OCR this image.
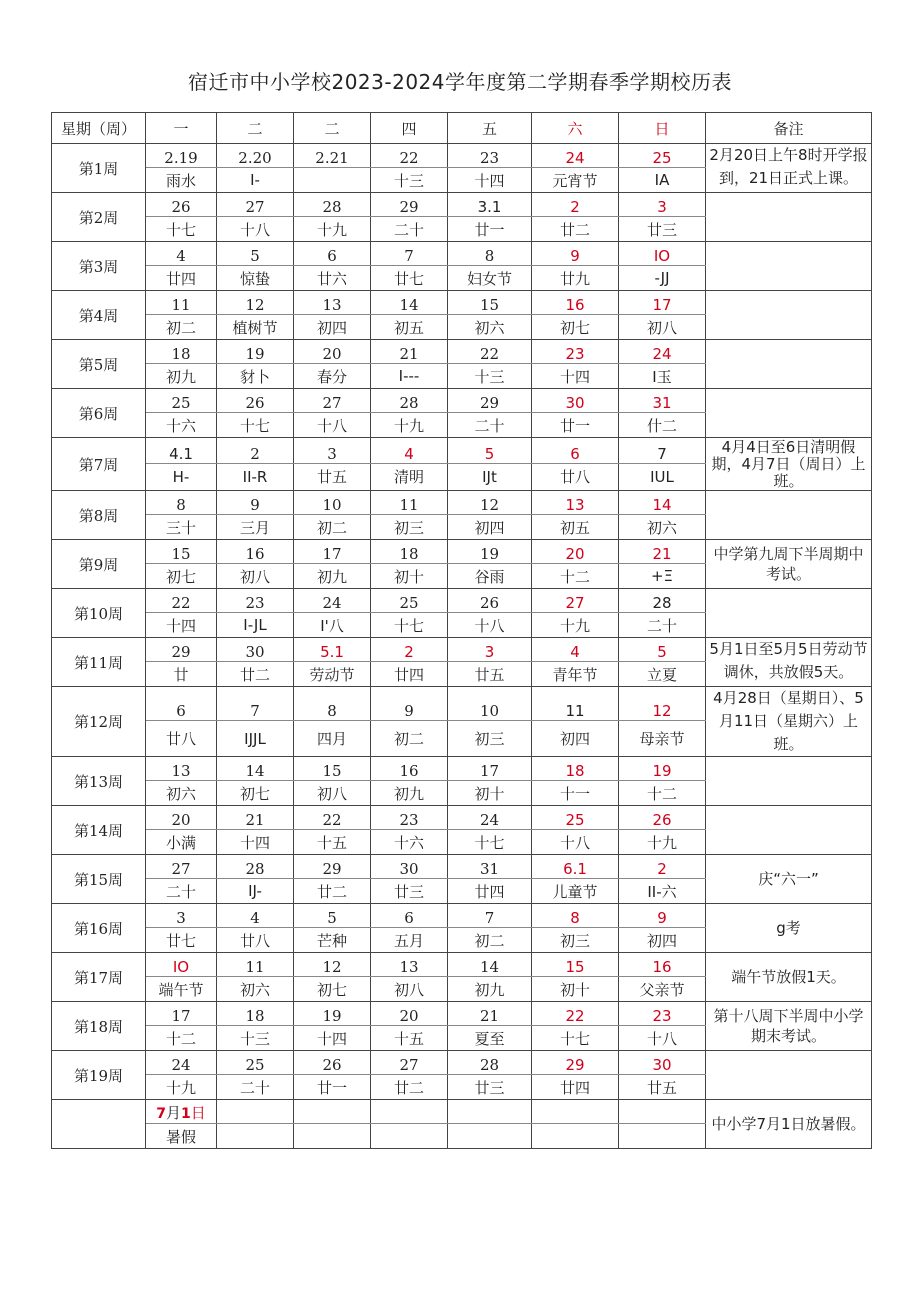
宿迁市中小学校2023-2024学年度第二学期春季学期校历表
星期（周）	一	二	二	四	五	六	日	备注
第1周	2.19	2.20	2.21	22	23	24	25	2月20日上午8时开学报到，21日正式上课。
	雨水	I-		十三	十四	元宵节	IA	
第2周	26	27	28	29	3.1	2	3	
	十七	十八	十九	二十	廿一	廿二	廿三	
第3周	4	5	6	7	8	9	IO	
	廿四	惊蛰	廿六	廿七	妇女节	廿九	-JJ	
第4周	11	12	13	14	15	16	17	
	初二	植树节	初四	初五	初六	初七	初八	
第5周	18	19	20	21	22	23	24	
	初九	豺卜	春分	I---	十三	十四	I玉	
第6周	25	26	27	28	29	30	31	
	十六	十七	十八	十九	二十	廿一	什二	
第7周	4.1	2	3	4	5	6	7	4月4日至6日清明假期，4月7日（周日）上班。

	H-	II-R	廿五	清明	IJt	廿八	IUL	
第8周	8	9	10	11	12	13	14	
	三十	三月	初二	初三	初四	初五	初六	
第9周	15	16	17	18	19	20	21	中学第九周下半周期中考试。
	初七	初八	初九	初十	谷雨	十二	+Ξ	
第10周	22	23	24	25	26	27	28	
	十四	I-JL	I'八	十七	十八	十九	二十	
第11周	29	30	5.1	2	3	4	5	5月1日至5月5日劳动节调休，共放假5天。
	廿	廿二	劳动节	廿四	廿五	青年节	立夏	
第12周	6	7	8	9	10	11	12	4月28日（星期日）、5月11日（星期六）上班。
	廿八	IJJL	四月	初二	初三	初四	母亲节	
第13周	13	14	15	16	17	18	19	
	初六	初七	初八	初九	初十	十一	十二	
第14周	20	21	22	23	24	25	26	
	小满	十四	十五	十六	十七	十八	十九	
第15周	27	28	29	30	31	6.1	2	庆“六一”
	二十	IJ-	廿二	廿三	廿四	儿童节	II-六	
第16周	3	4	5	6	7	8	9	g考
	廿七	廿八	芒种	五月	初二	初三	初四	
第17周	IO	11	12	13	14	15	16	端午节放假1天。
	端午节	初六	初七	初八	初九	初十	父亲节	
第18周	17	18	19	20	21	22	23	第十八周下半周中小学期末考试。
	十二	十三	十四	十五	夏至	十七	十八	
第19周	24	25	26	27	28	29	30	
	十九	二十	廿一	廿二	廿三	廿四	廿五	
	7月1日							中小学7月1日放暑假。
	暑假							
